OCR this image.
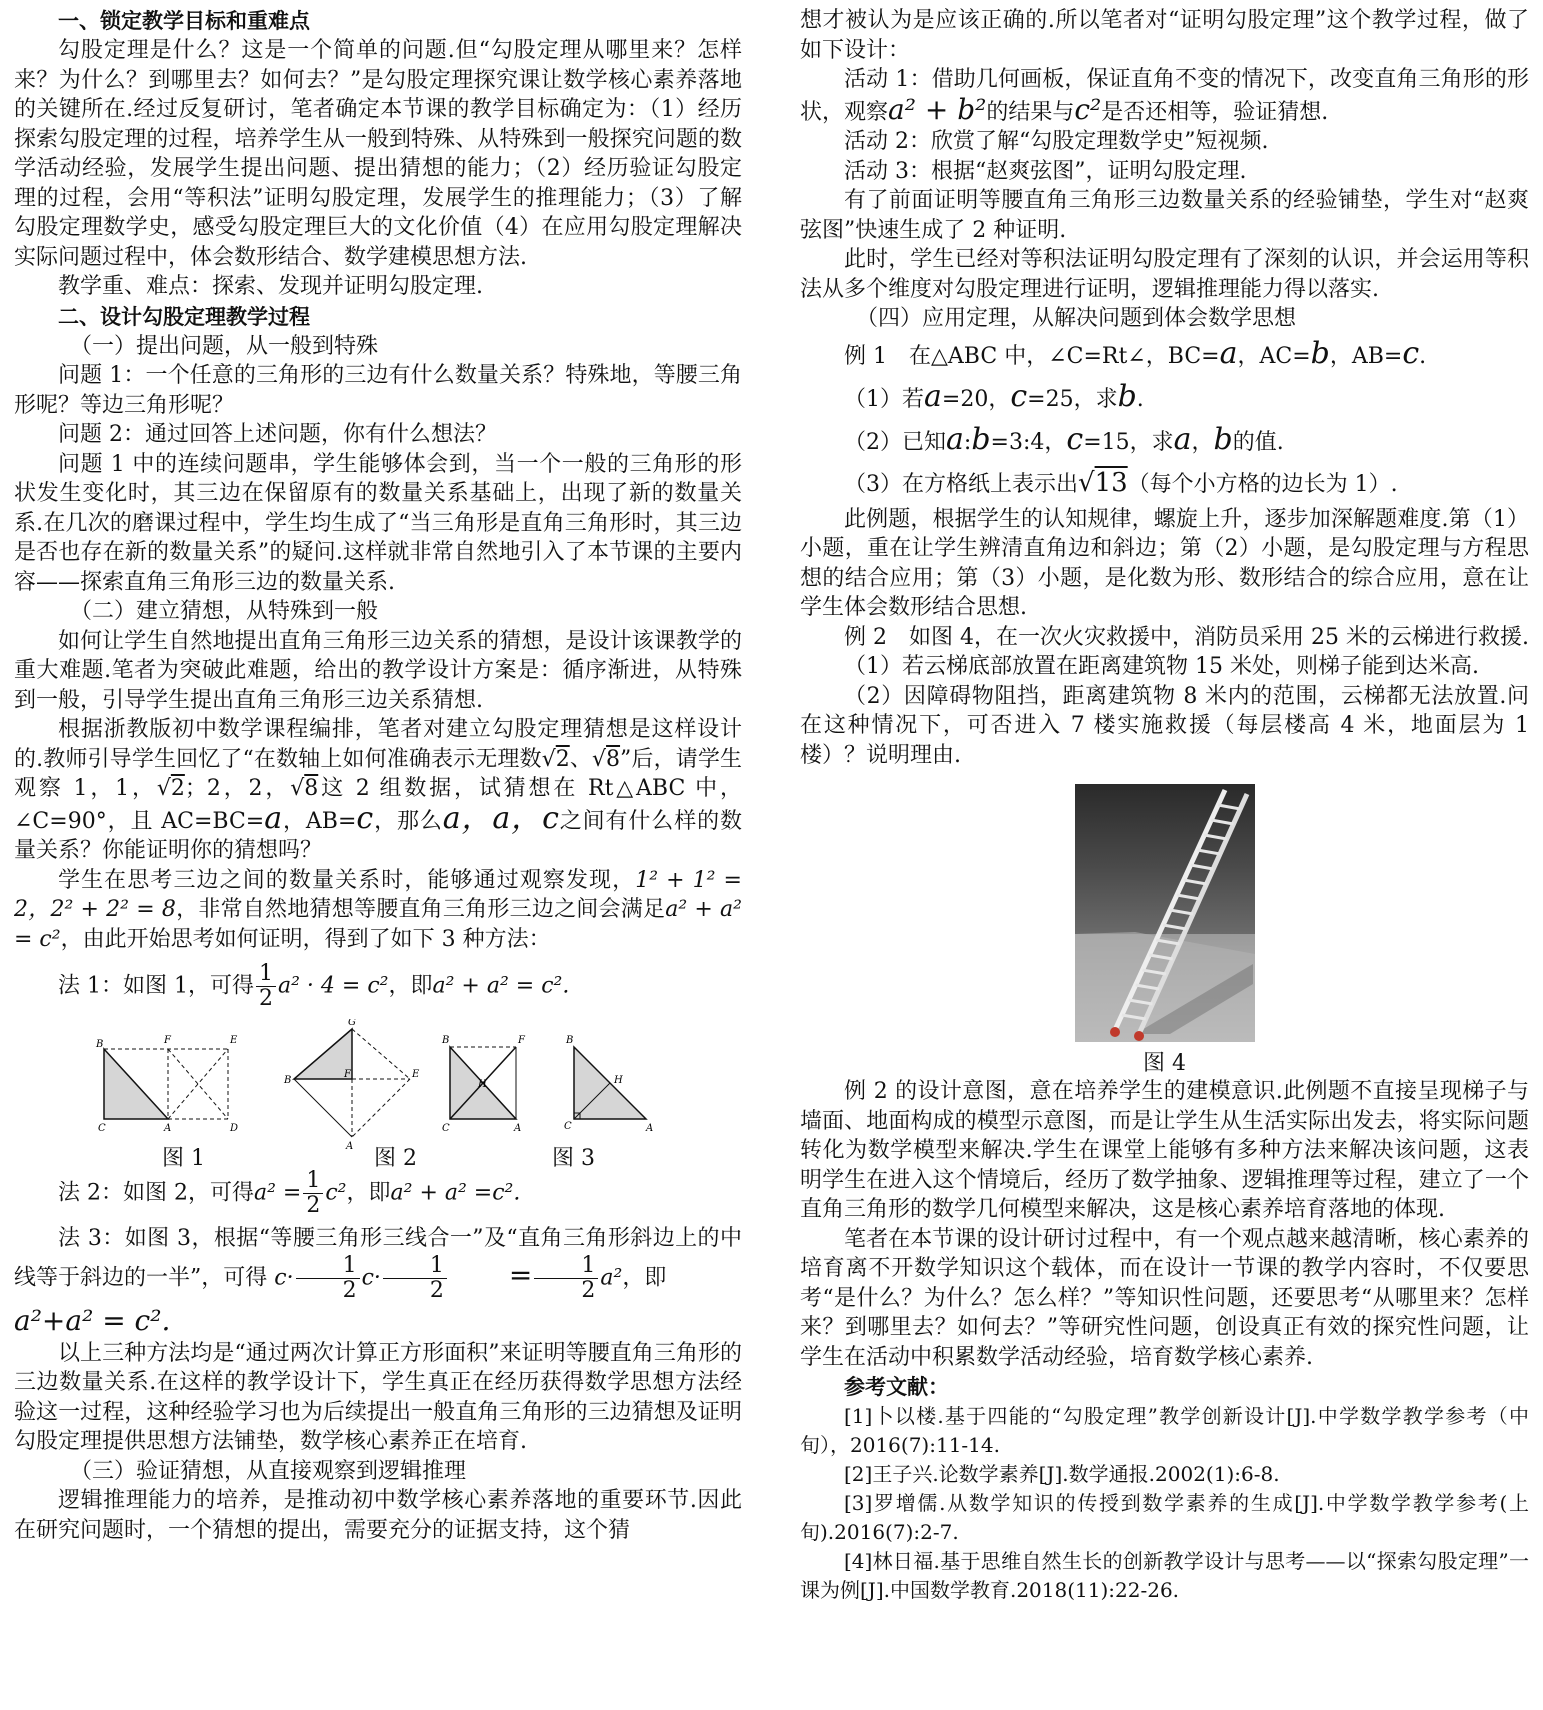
一、锁定教学目标和重难点

勾股定理是什么？这是一个简单的问题.但“勾股定理从哪里来？怎样来？为什么？到哪里去？如何去？”是勾股定理探究课让数学核心素养落地的关键所在.经过反复研讨，笔者确定本节课的教学目标确定为：（1）经历探索勾股定理的过程，培养学生从一般到特殊、从特殊到一般探究问题的数学活动经验，发展学生提出问题、提出猜想的能力；（2）经历验证勾股定理的过程，会用“等积法”证明勾股定理，发展学生的推理能力；（3）了解勾股定理数学史，感受勾股定理巨大的文化价值（4）在应用勾股定理解决实际问题过程中，体会数形结合、数学建模思想方法.

教学重、难点：探索、发现并证明勾股定理.

二、设计勾股定理教学过程

（一）提出问题，从一般到特殊

问题 1：一个任意的三角形的三边有什么数量关系？特殊地，等腰三角形呢？等边三角形呢？

问题 2：通过回答上述问题，你有什么想法？

问题 1 中的连续问题串，学生能够体会到，当一个一般的三角形的形状发生变化时，其三边在保留原有的数量关系基础上，出现了新的数量关系.在几次的磨课过程中，学生均生成了“当三角形是直角三角形时，其三边是否也存在新的数量关系”的疑问.这样就非常自然地引入了本节课的主要内容——探索直角三角形三边的数量关系.

（二）建立猜想，从特殊到一般

如何让学生自然地提出直角三角形三边关系的猜想，是设计该课教学的重大难题.笔者为突破此难题，给出的教学设计方案是：循序渐进，从特殊到一般，引导学生提出直角三角形三边关系猜想.

根据浙教版初中数学课程编排，笔者对建立勾股定理猜想是这样设计的.教师引导学生回忆了“在数轴上如何准确表示无理数√2、√8”后，请学生观察 1，1，√2；2，2，√8这 2 组数据，试猜想在 Rt△ABC 中，∠C=90°，且 AC=BC=a，AB=c，那么a，a，c之间有什么样的数量关系？你能证明你的猜想吗？

学生在思考三边之间的数量关系时，能够通过观察发现，1² + 1² = 2，2² + 2² = 8，非常自然地猜想等腰直角三角形三边之间会满足a² + a² = c²，由此开始思考如何证明，得到了如下 3 种方法：

法 1：如图 1，可得 $\frac{1}{2} a^2 \cdot 4 = c^2$，即a² + a² = c².

B	F	E
C	A	D
G
B
F	E
A
B	F
H
C	A
B
H
C	A
图 1	图 2	图 3

法 2：如图 2，可得$a^2 = \frac{1}{2} c^2$，即a² + a² =c².

法 3：如图 3，根据“等腰三角形三线合一”及“直角三角形斜边上的中线等于斜边的一半”，可得 $c\cdot \frac{1}{2} c\cdot \frac{1}{2} = \frac{1}{2} a^2$，即

a²+a² = c².

以上三种方法均是“通过两次计算正方形面积”来证明等腰直角三角形的三边数量关系.在这样的教学设计下，学生真正在经历获得数学思想方法经验这一过程，这种经验学习也为后续提出一般直角三角形的三边猜想及证明勾股定理提供思想方法铺垫，数学核心素养正在培育.

（三）验证猜想，从直接观察到逻辑推理

逻辑推理能力的培养，是推动初中数学核心素养落地的重要环节.因此在研究问题时，一个猜想的提出，需要充分的证据支持，这个猜

想才被认为是应该正确的.所以笔者对“证明勾股定理”这个教学过程，做了如下设计：

活动 1：借助几何画板，保证直角不变的情况下，改变直角三角形的形状，观察a² + b²的结果与c²是否还相等，验证猜想.

活动 2：欣赏了解“勾股定理数学史”短视频.

活动 3：根据“赵爽弦图”，证明勾股定理.

有了前面证明等腰直角三角形三边数量关系的经验铺垫，学生对“赵爽弦图”快速生成了 2 种证明.

此时，学生已经对等积法证明勾股定理有了深刻的认识，并会运用等积法从多个维度对勾股定理进行证明，逻辑推理能力得以落实.

（四）应用定理，从解决问题到体会数学思想

例 1　在△ABC 中，∠C=Rt∠，BC=a，AC=b，AB=c.

（1）若a=20，c=25，求b.

（2）已知a:b=3:4，c=15，求a，b的值.

（3）在方格纸上表示出√13（每个小方格的边长为 1）.

此例题，根据学生的认知规律，螺旋上升，逐步加深解题难度.第（1）小题，重在让学生辨清直角边和斜边；第（2）小题，是勾股定理与方程思想的结合应用；第（3）小题，是化数为形、数形结合的综合应用，意在让学生体会数形结合思想.

例 2　如图 4，在一次火灾救援中，消防员采用 25 米的云梯进行救援.

（1）若云梯底部放置在距离建筑物 15 米处，则梯子能到达米高.

（2）因障碍物阻挡，距离建筑物 8 米内的范围，云梯都无法放置.问在这种情况下，可否进入 7 楼实施救援（每层楼高 4 米，地面层为 1 楼）？说明理由.

图 4

例 2 的设计意图，意在培养学生的建模意识.此例题不直接呈现梯子与墙面、地面构成的模型示意图，而是让学生从生活实际出发去，将实际问题转化为数学模型来解决.学生在课堂上能够有多种方法来解决该问题，这表明学生在进入这个情境后，经历了数学抽象、逻辑推理等过程，建立了一个直角三角形的数学几何模型来解决，这是核心素养培育落地的体现.

笔者在本节课的设计研讨过程中，有一个观点越来越清晰，核心素养的培育离不开数学知识这个载体，而在设计一节课的教学内容时，不仅要思考“是什么？为什么？怎么样？”等知识性问题，还要思考“从哪里来？怎样来？到哪里去？如何去？”等研究性问题，创设真正有效的探究性问题，让学生在活动中积累数学活动经验，培育数学核心素养.

参考文献：

[1]卜以楼.基于四能的“勾股定理”教学创新设计[J].中学数学教学参考（中旬），2016(7):11-14.

[2]王子兴.论数学素养[J].数学通报.2002(1):6-8.

[3]罗增儒.从数学知识的传授到数学素养的生成[J].中学数学教学参考(上旬).2016(7):2-7.

[4]林日福.基于思维自然生长的创新教学设计与思考——以“探索勾股定理”一课为例[J].中国数学教育.2018(11):22-26.
